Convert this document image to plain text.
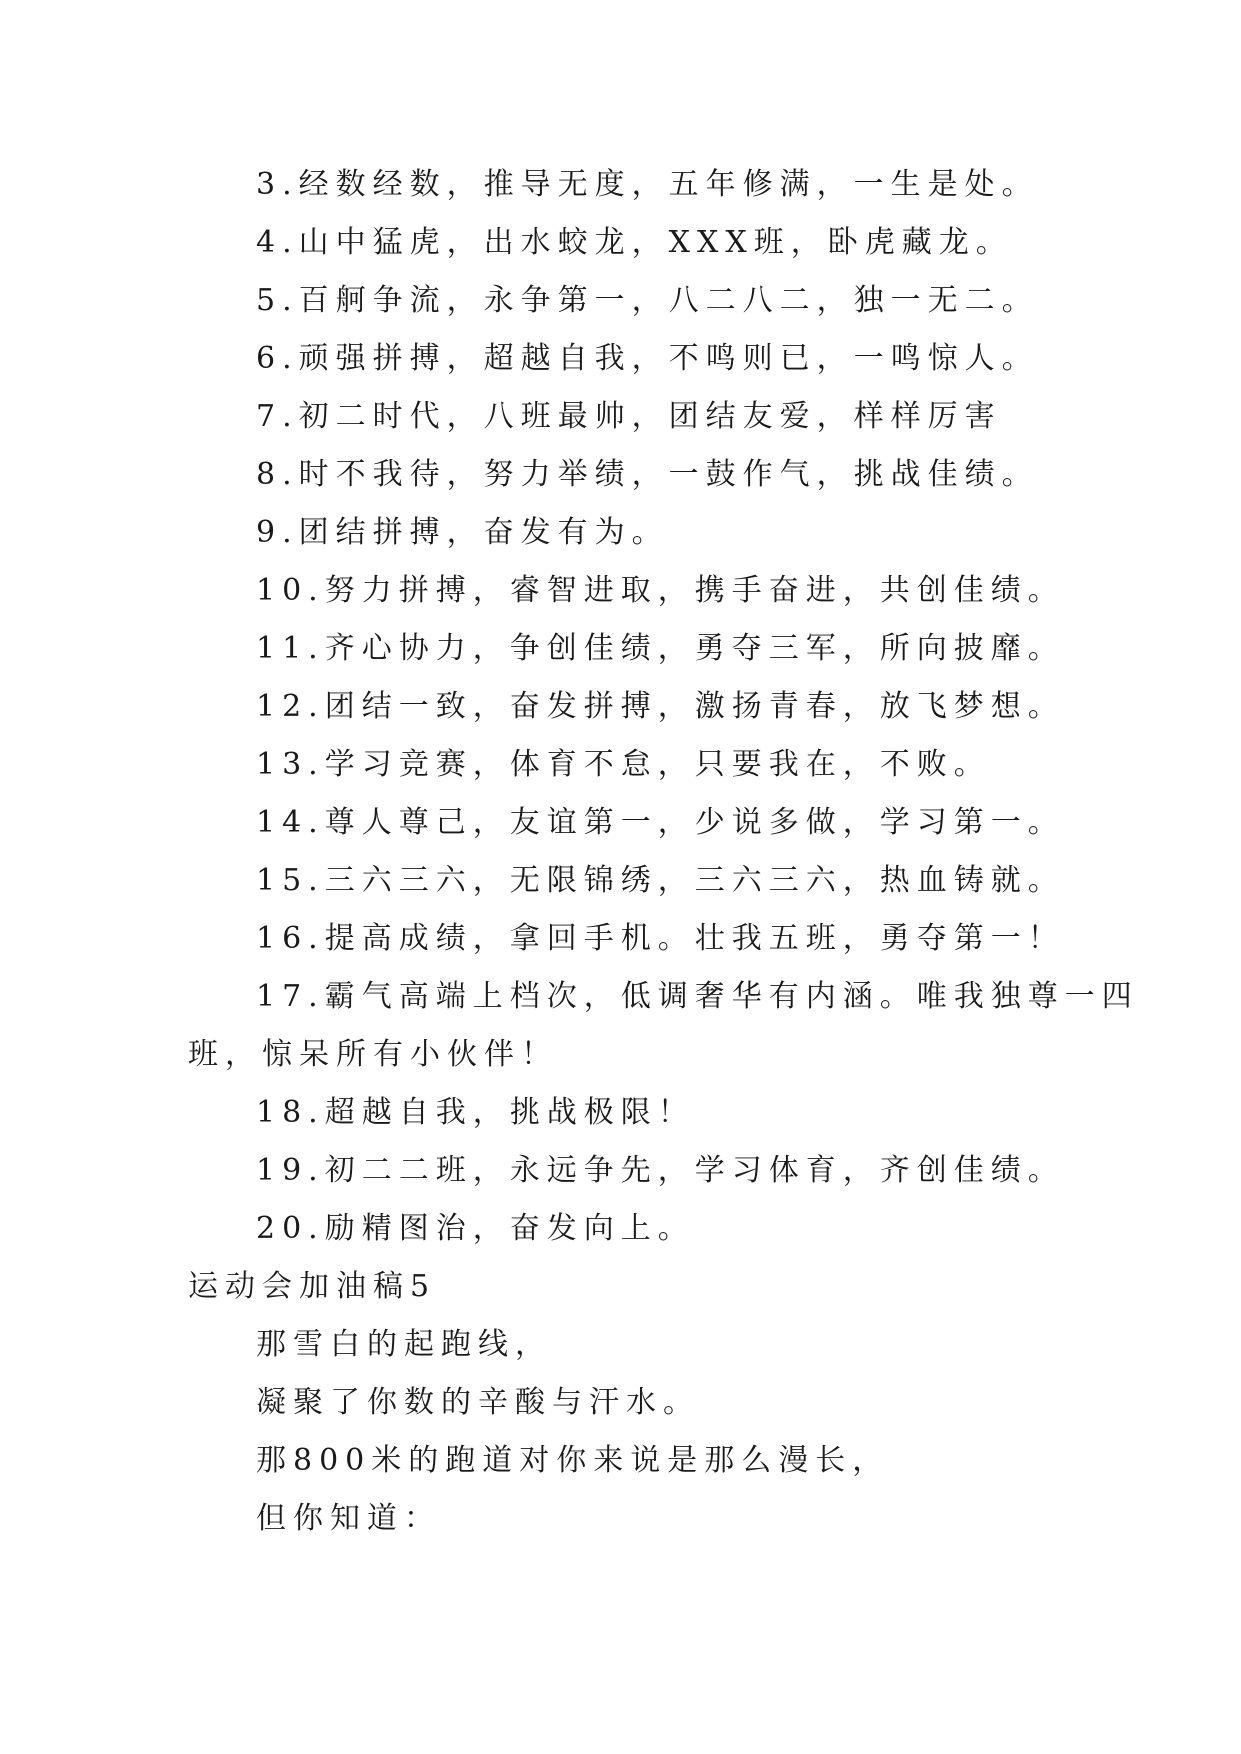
3.经数经数，推导无度，五年修满，一生是处。
4.山中猛虎，出水蛟龙，XXX班，卧虎藏龙。
5.百舸争流，永争第一，八二八二，独一无二。
6.顽强拼搏，超越自我，不鸣则已，一鸣惊人。
7.初二时代，八班最帅，团结友爱，样样厉害
8.时不我待，努力举绩，一鼓作气，挑战佳绩。
9.团结拼搏，奋发有为。
10.努力拼搏，睿智进取，携手奋进，共创佳绩。
11.齐心协力，争创佳绩，勇夺三军，所向披靡。
12.团结一致，奋发拼搏，激扬青春，放飞梦想。
13.学习竞赛，体育不怠，只要我在，不败。
14.尊人尊己，友谊第一，少说多做，学习第一。
15.三六三六，无限锦绣，三六三六，热血铸就。
16.提高成绩，拿回手机。壮我五班，勇夺第一！
17.霸气高端上档次，低调奢华有内涵。唯我独尊一四
班，惊呆所有小伙伴！
18.超越自我，挑战极限！
19.初二二班，永远争先，学习体育，齐创佳绩。
20.励精图治，奋发向上。
运动会加油稿5
那雪白的起跑线，
凝聚了你数的辛酸与汗水。
那800米的跑道对你来说是那么漫长，
但你知道：
